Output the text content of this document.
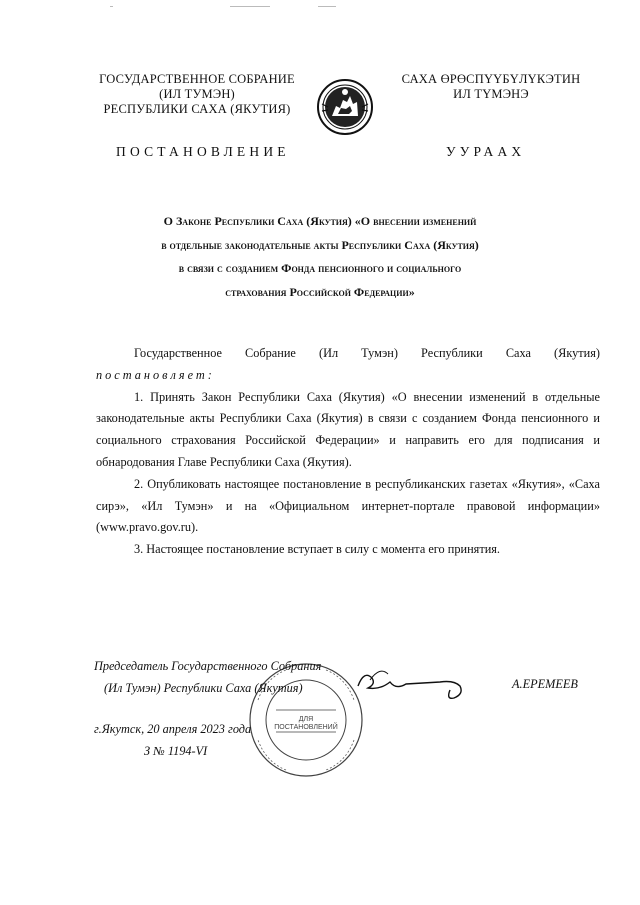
ГОСУДАРСТВЕННОЕ СОБРАНИЕ
(ИЛ ТУМЭН)
РЕСПУБЛИКИ САХА (ЯКУТИЯ)
САХА ӨРӨСПҮҮБҮЛҮКЭТИН
ИЛ ТҮМЭНЭ
ПОСТАНОВЛЕНИЕ	УУРААХ
О Законе Республики Саха (Якутия) «О внесении изменений
в отдельные законодательные акты Республики Саха (Якутия)
в связи с созданием Фонда пенсионного и социального
страхования Российской Федерации»

Государственное Собрание (Ил Тумэн) Республики Саха (Якутия)

постановляет:

1. Принять Закон Республики Саха (Якутия) «О внесении изменений в отдельные законодательные акты Республики Саха (Якутия) в связи с созданием Фонда пенсионного и социального страхования Российской Федерации» и направить его для подписания и обнародования Главе Республики Саха (Якутия).

2. Опубликовать настоящее постановление в республиканских газетах «Якутия», «Саха сирэ», «Ил Тумэн» и на «Официальном интернет-портале правовой информации» (www.pravo.gov.ru).

3. Настоящее постановление вступает в силу с момента его принятия.

ДЛЯ
ПОСТАНОВЛЕНИЙ
Председатель Государственного Собрания
(Ил Тумэн) Республики Саха (Якутия)	А.ЕРЕМЕЕВ
г.Якутск, 20 апреля 2023 года
З № 1194-VI
